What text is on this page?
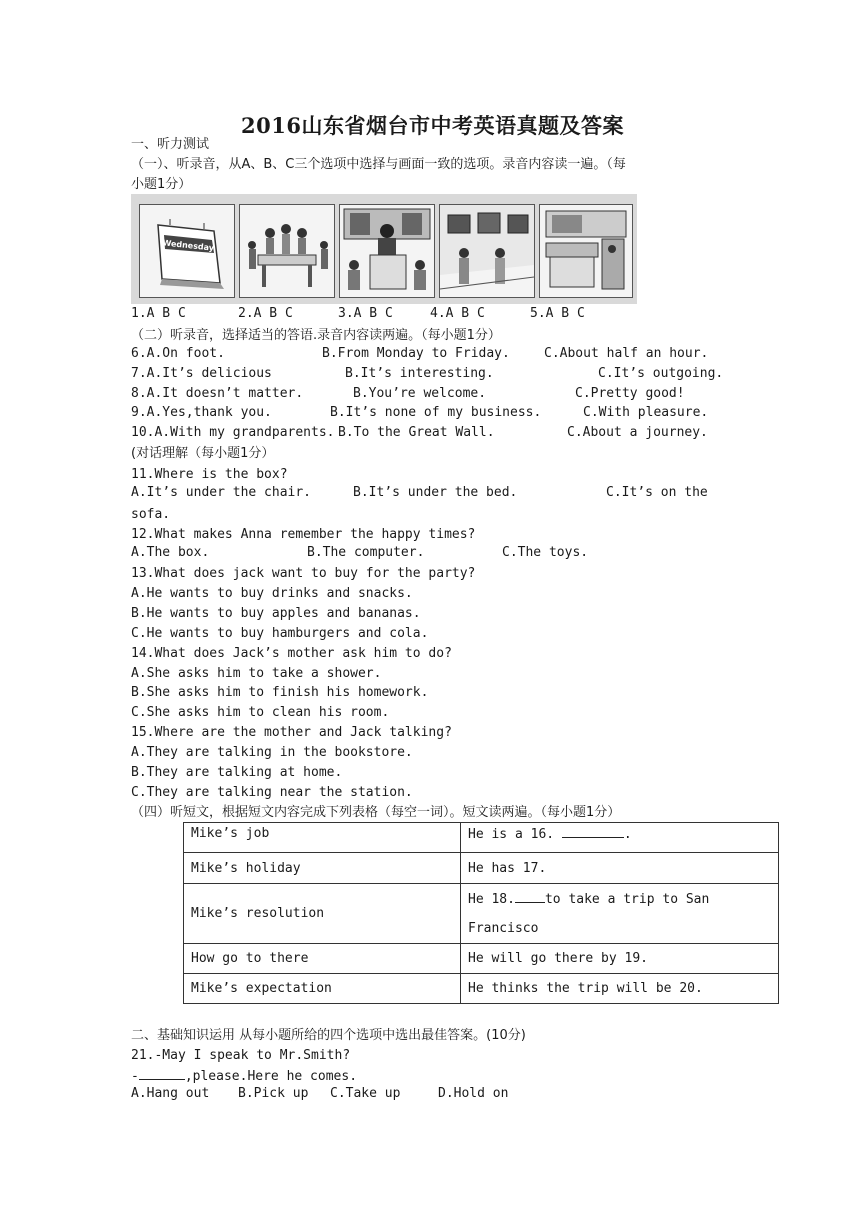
2016山东省烟台市中考英语真题及答案
一、听力测试
（一）、听录音，从A、B、C三个选项中选择与画面一致的选项。录音内容读一遍。（每
小题1分）
Wednesday
1.A B C	2.A B C	3.A B C	4.A B C	5.A B C
（二）听录音，选择适当的答语.录音内容读两遍。（每小题1分）
6.A.On foot.	B.From Monday to Friday.	C.About half an hour.
7.A.It’s delicious	B.It’s interesting.	C.It’s outgoing.
8.A.It doesn’t matter.	B.You’re welcome.	C.Pretty good!
9.A.Yes,thank you.	B.It’s none of my business.	C.With pleasure.
10.A.With my grandparents. B.To the Great Wall.	C.About a journey.
(对话理解（每小题1分）
11.Where is the box?
A.It’s under the chair.	B.It’s under the bed.	C.It’s on the
sofa.
12.What makes Anna remember the happy times?
A.The box.	B.The computer.	C.The toys.
13.What does jack want to buy for the party?
A.He wants to buy drinks and snacks.
B.He wants to buy apples and bananas.
C.He wants to buy hamburgers and cola.
14.What does Jack’s mother ask him to do?
A.She asks him to take a shower.
B.She asks him to finish his homework.
C.She asks him to clean his room.
15.Where are the mother and Jack talking?
A.They are talking in the bookstore.
B.They are talking at home.
C.They are talking near the station.
（四）听短文，根据短文内容完成下列表格（每空一词）。短文读两遍。（每小题1分）
Mike’s job	He is a 16. .
Mike’s holiday	He has 17.
Mike’s resolution	He 18. to take a trip to San
Francisco
How go to there	He will go there by 19.
Mike’s expectation	He thinks the trip will be 20.
二、基础知识运用 从每小题所给的四个选项中选出最佳答案。(10分)
21.-May I speak to Mr.Smith?
-	,please.Here he comes.
A.Hang out B.Pick up C.Take up	D.Hold on
